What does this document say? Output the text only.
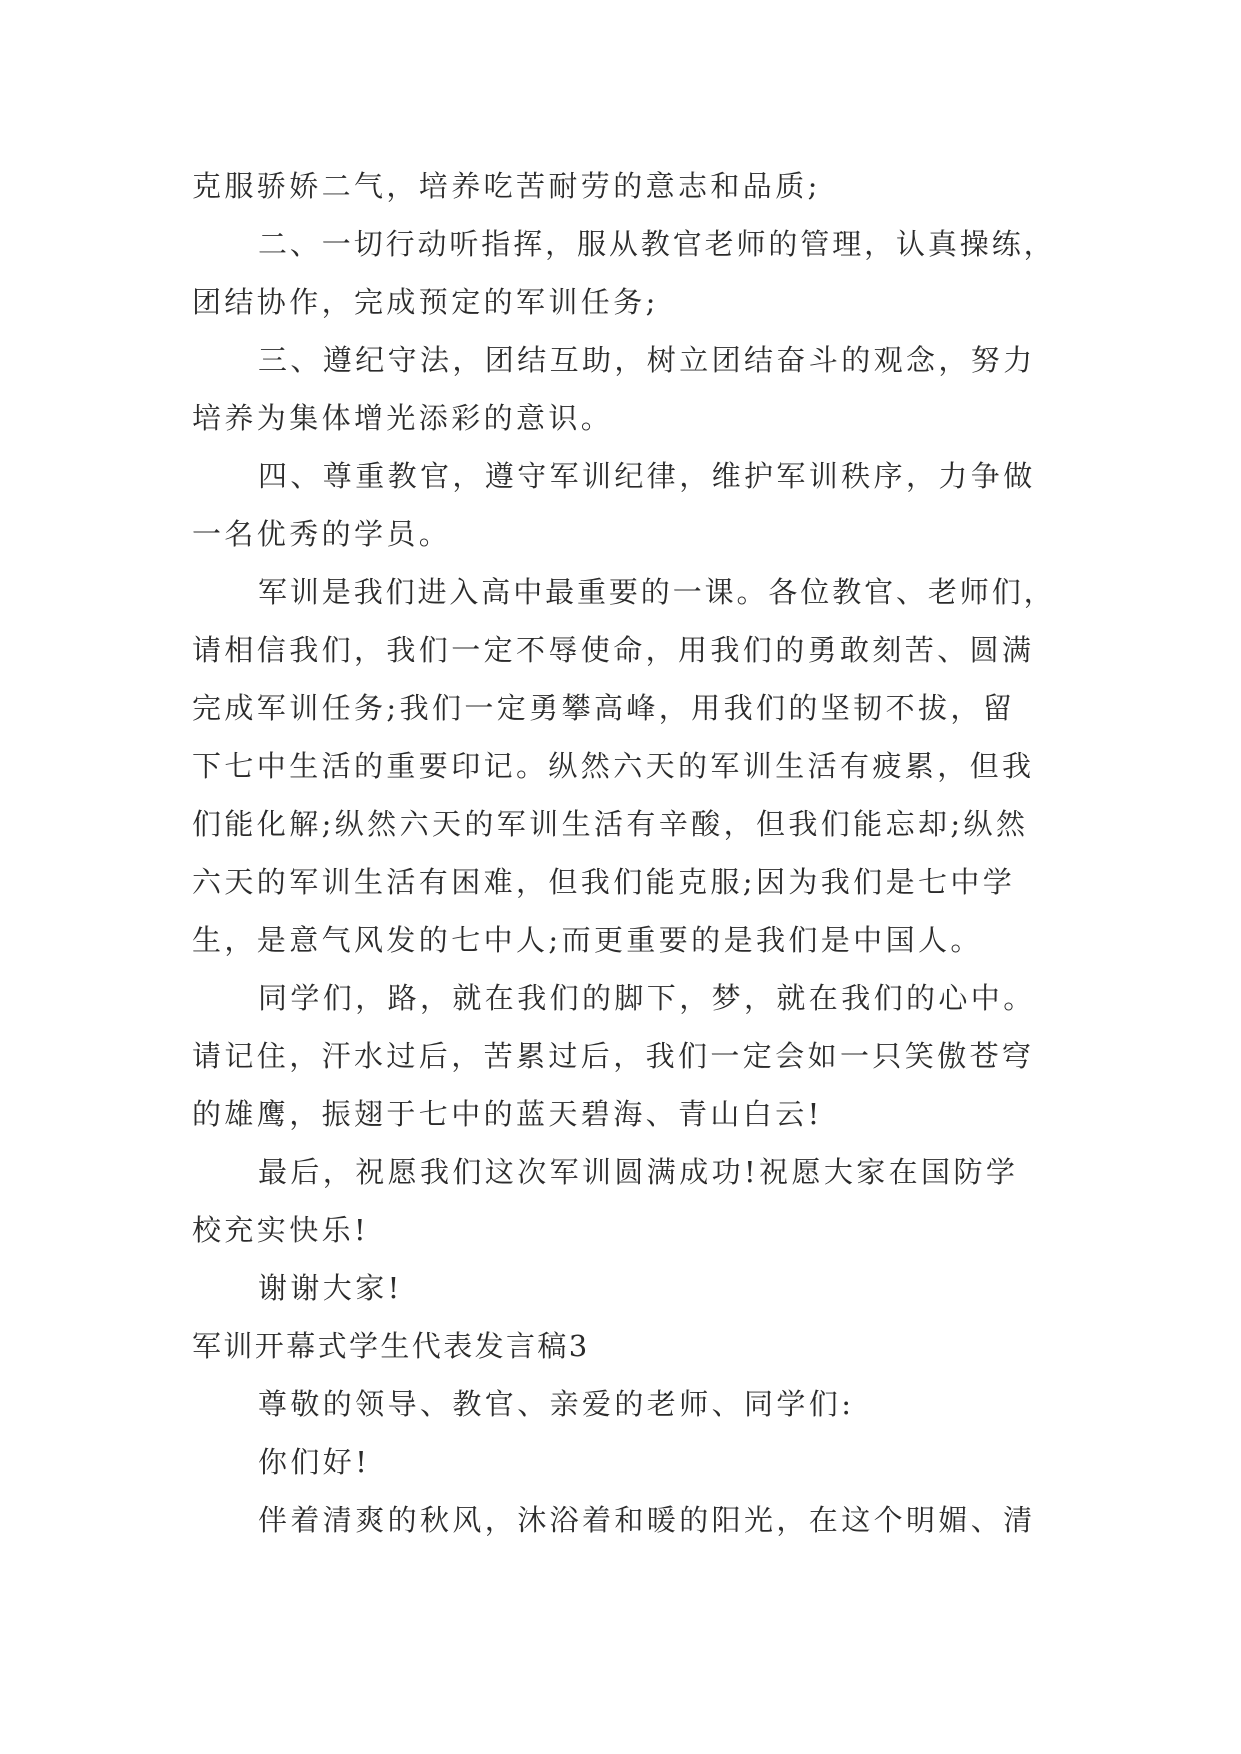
克服骄娇二气，培养吃苦耐劳的意志和品质;
二、一切行动听指挥，服从教官老师的管理，认真操练，
团结协作，完成预定的军训任务;
三、遵纪守法，团结互助，树立团结奋斗的观念，努力
培养为集体增光添彩的意识。
四、尊重教官，遵守军训纪律，维护军训秩序，力争做
一名优秀的学员。
军训是我们进入高中最重要的一课。各位教官、老师们，
请相信我们，我们一定不辱使命，用我们的勇敢刻苦、圆满
完成军训任务;我们一定勇攀高峰，用我们的坚韧不拔，留
下七中生活的重要印记。纵然六天的军训生活有疲累，但我
们能化解;纵然六天的军训生活有辛酸，但我们能忘却;纵然
六天的军训生活有困难，但我们能克服;因为我们是七中学
生，是意气风发的七中人;而更重要的是我们是中国人。
同学们，路，就在我们的脚下，梦，就在我们的心中。
请记住，汗水过后，苦累过后，我们一定会如一只笑傲苍穹
的雄鹰，振翅于七中的蓝天碧海、青山白云!
最后，祝愿我们这次军训圆满成功!祝愿大家在国防学
校充实快乐!
谢谢大家!
军训开幕式学生代表发言稿3
尊敬的领导、教官、亲爱的老师、同学们:
你们好!
伴着清爽的秋风，沐浴着和暖的阳光，在这个明媚、清
